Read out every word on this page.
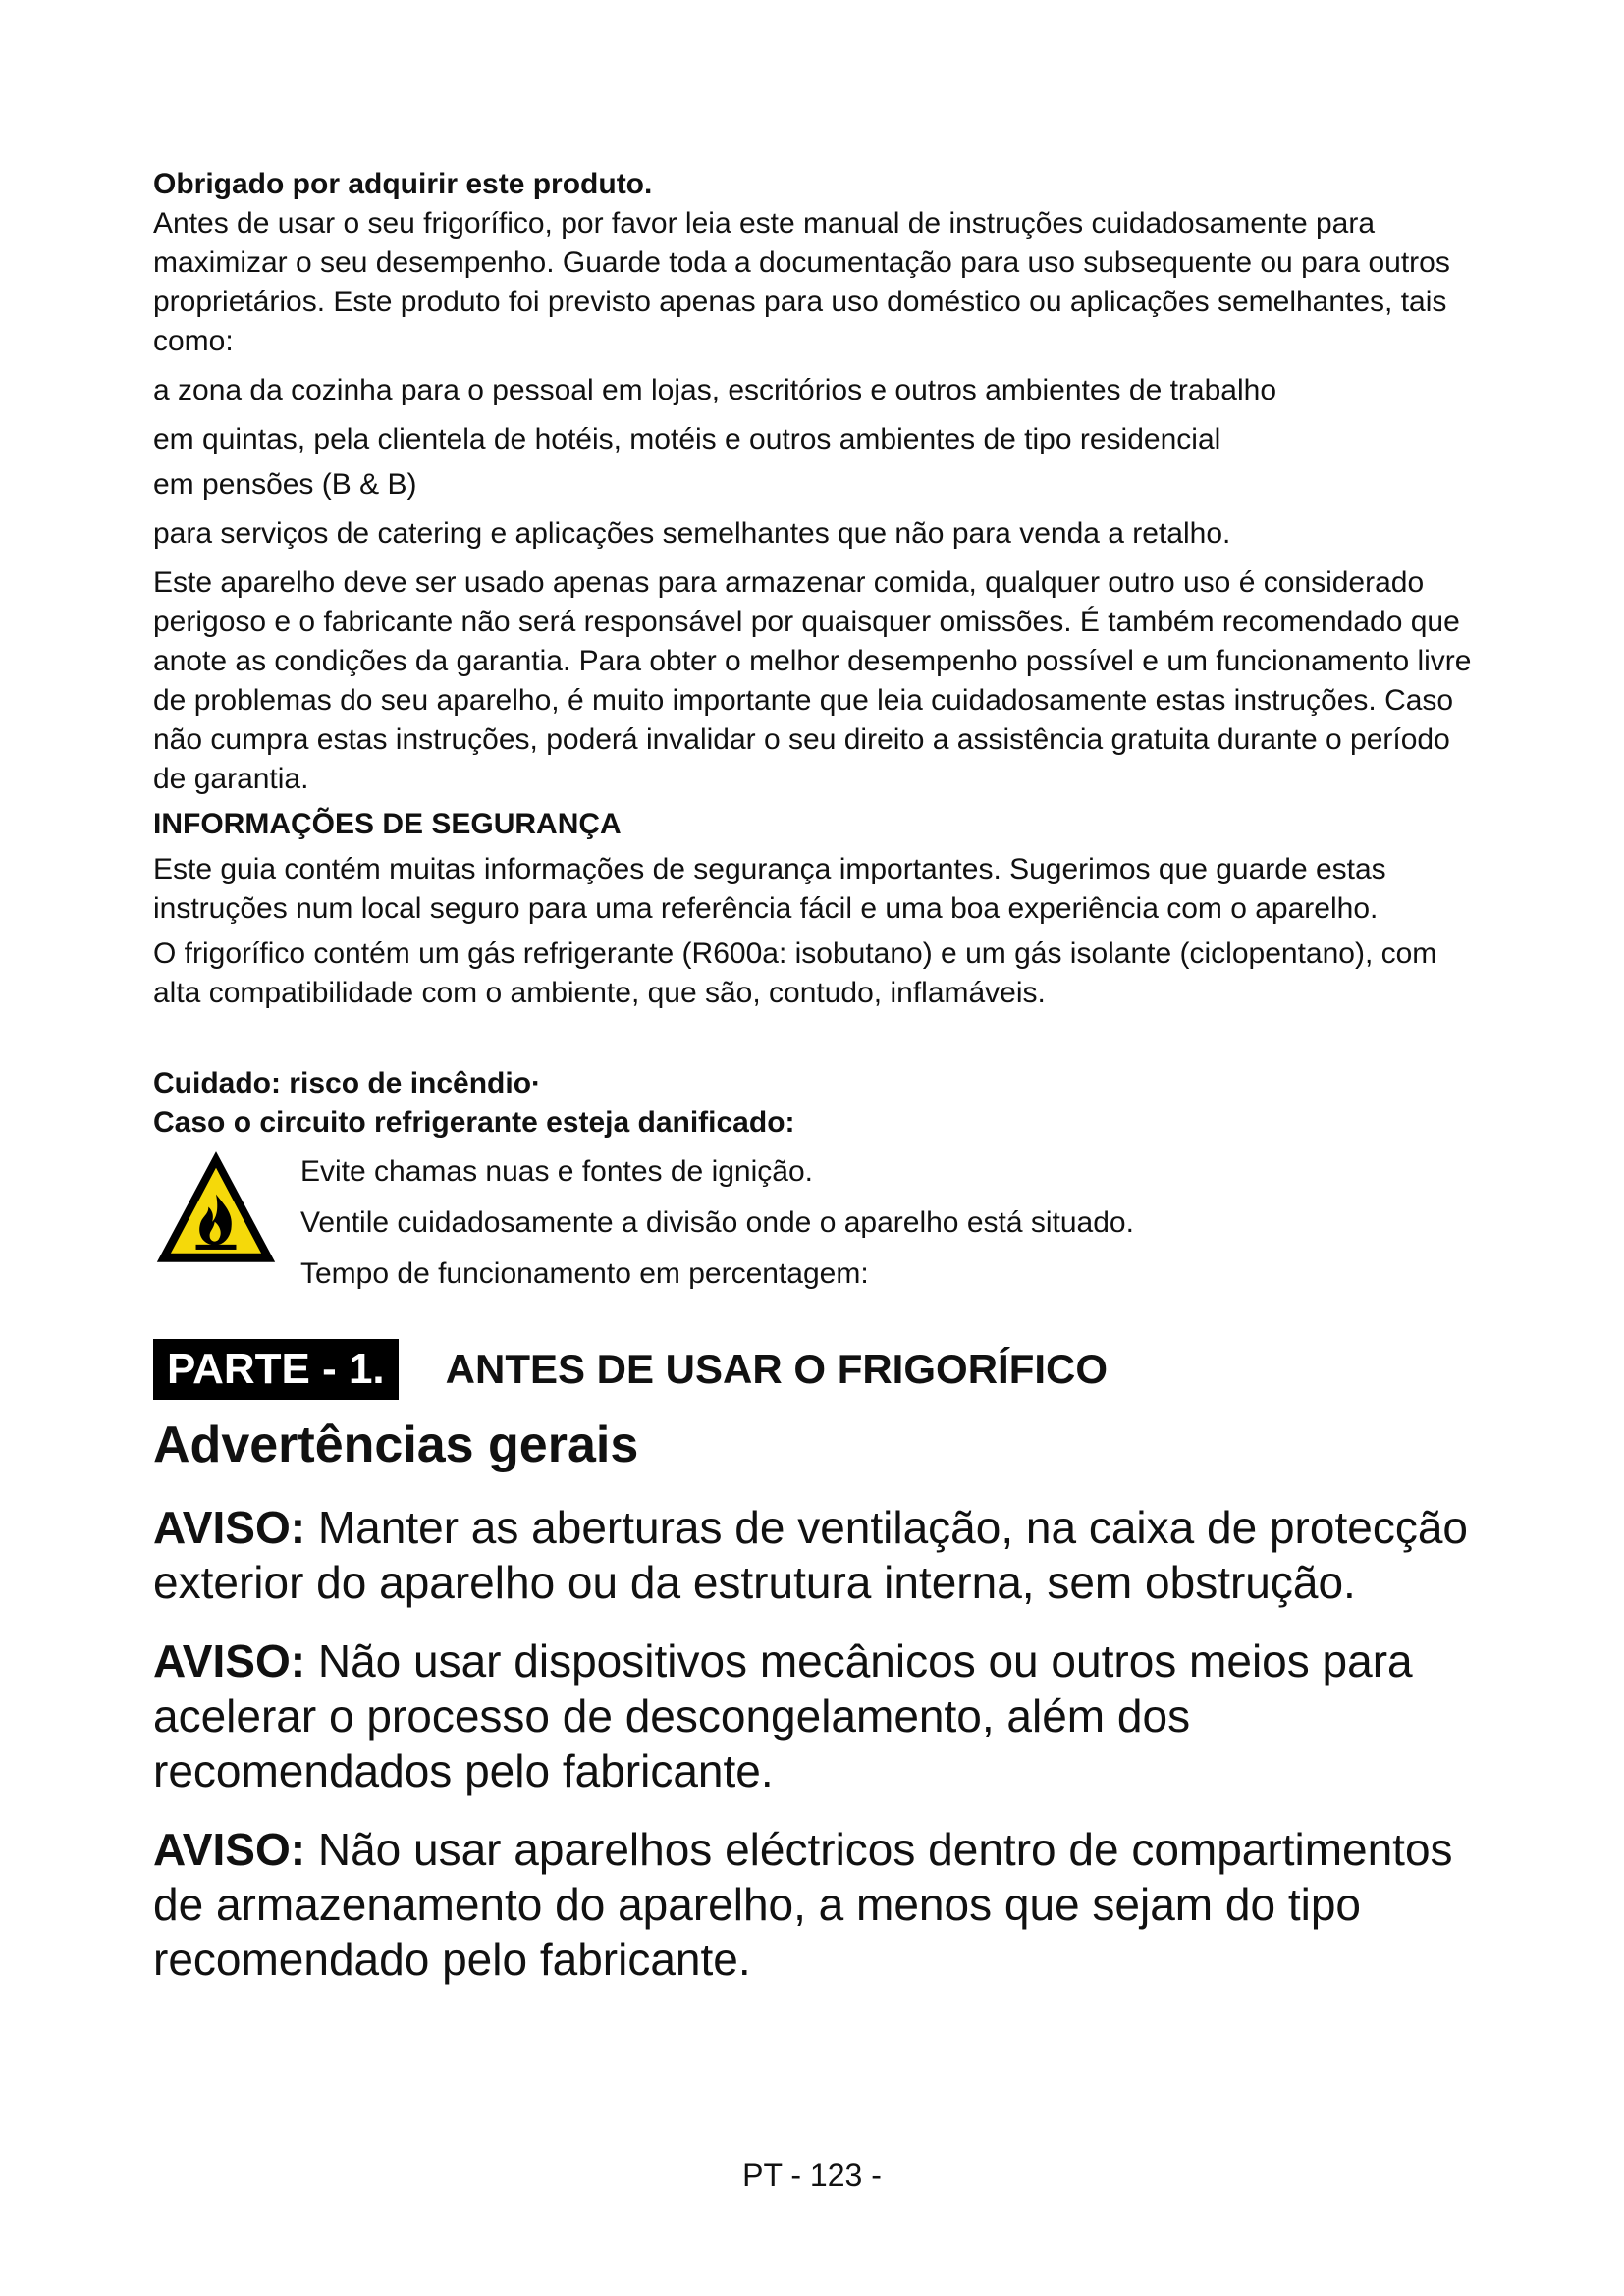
Obrigado por adquirir este produto.

Antes de usar o seu frigorífico, por favor leia este manual de instruções cuidadosamente para maximizar o seu desempenho. Guarde toda a documentação para uso subsequente ou para outros proprietários. Este produto foi previsto apenas para uso doméstico ou aplicações semelhantes, tais como:

a zona da cozinha para o pessoal em lojas, escritórios e outros ambientes de trabalho

em quintas, pela clientela de hotéis, motéis e outros ambientes de tipo residencial

em pensões (B & B)

para serviços de catering e aplicações semelhantes que não para venda a retalho.

Este aparelho deve ser usado apenas para armazenar comida, qualquer outro uso é considerado perigoso e o fabricante não será responsável por quaisquer omissões. É também recomendado que anote as condições da garantia. Para obter o melhor desempenho possível e um funcionamento livre de problemas do seu aparelho, é muito importante que leia cuidadosamente estas instruções. Caso não cumpra estas instruções, poderá invalidar o seu direito a assistência gratuita durante o período de garantia.

INFORMAÇÕES DE SEGURANÇA

Este guia contém muitas informações de segurança importantes. Sugerimos que guarde estas instruções num local seguro para uma referência fácil e uma boa experiência com o aparelho.

O frigorífico contém um gás refrigerante (R600a: isobutano) e um gás isolante (ciclopentano), com alta compatibilidade com o ambiente, que são, contudo, inflamáveis.

Cuidado: risco de incêndio·

Caso o circuito refrigerante esteja danificado:

Evite chamas nuas e fontes de ignição.

Ventile cuidadosamente a divisão onde o aparelho está situado.

Tempo de funcionamento em percentagem:

PARTE - 1.	ANTES DE USAR O FRIGORÍFICO

Advertências gerais

AVISO: Manter as aberturas de ventilação, na caixa de protecção exterior do aparelho ou da estrutura interna, sem obstrução.

AVISO: Não usar dispositivos mecânicos ou outros meios para acelerar o processo de descongelamento, além dos recomendados pelo fabricante.

AVISO: Não usar aparelhos eléctricos dentro de compartimentos de armazenamento do aparelho, a menos que sejam do tipo recomendado pelo fabricante.

PT - 123 -
